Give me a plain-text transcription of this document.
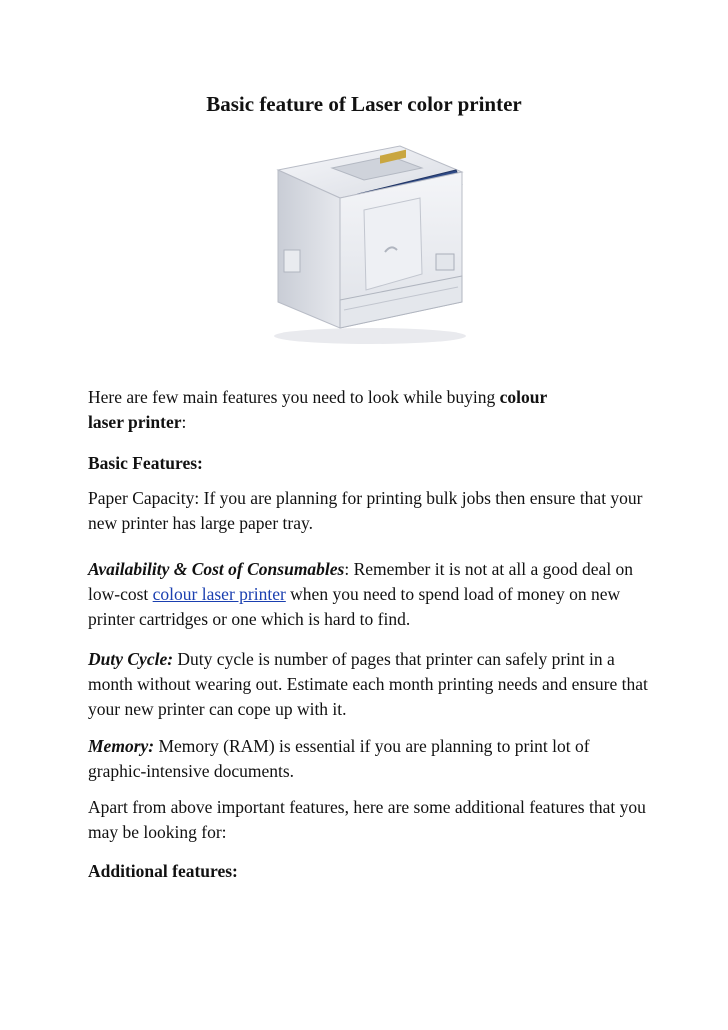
Basic feature of Laser color printer

Here are few main features you need to look while buying colour
laser printer:

Basic Features:

Paper Capacity: If you are planning for printing bulk jobs then ensure that your new printer has large paper tray.

Availability & Cost of Consumables: Remember it is not at all a good deal on low-cost colour laser printer when you need to spend load of money on new printer cartridges or one which is hard to find.

Duty Cycle: Duty cycle is number of pages that printer can safely print in a month without wearing out. Estimate each month printing needs and ensure that your new printer can cope up with it.

Memory: Memory (RAM) is essential if you are planning to print lot of graphic-intensive documents.

Apart from above important features, here are some additional features that you may be looking for:

Additional features:
